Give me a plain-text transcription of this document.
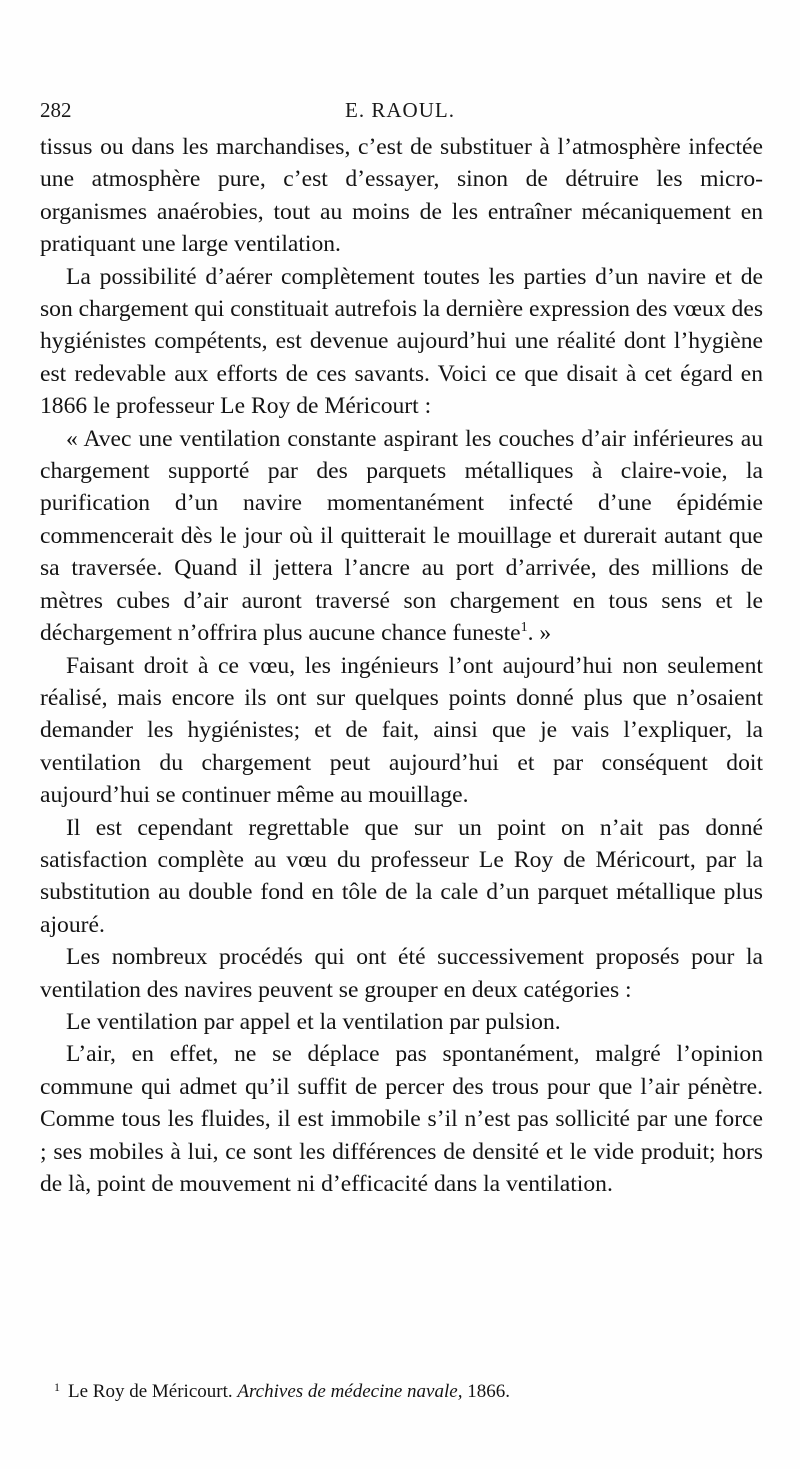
282	E. RAOUL.

tissus ou dans les marchandises, c’est de substituer à l’atmosphère infectée une atmosphère pure, c’est d’essayer, sinon de détruire les micro-organismes anaérobies, tout au moins de les entraîner mécaniquement en pratiquant une large ventilation.

La possibilité d’aérer complètement toutes les parties d’un navire et de son chargement qui constituait autrefois la dernière expression des vœux des hygiénistes compétents, est devenue aujourd’hui une réalité dont l’hygiène est redevable aux efforts de ces savants. Voici ce que disait à cet égard en 1866 le professeur Le Roy de Méricourt :

« Avec une ventilation constante aspirant les couches d’air inférieures au chargement supporté par des parquets métalliques à claire-voie, la purification d’un navire momentanément infecté d’une épidémie commencerait dès le jour où il quitterait le mouillage et durerait autant que sa traversée. Quand il jettera l’ancre au port d’arrivée, des millions de mètres cubes d’air auront traversé son chargement en tous sens et le déchargement n’offrira plus aucune chance funeste$^1$. »

Faisant droit à ce vœu, les ingénieurs l’ont aujourd’hui non seulement réalisé, mais encore ils ont sur quelques points donné plus que n’osaient demander les hygiénistes; et de fait, ainsi que je vais l’expliquer, la ventilation du chargement peut aujourd’hui et par conséquent doit aujourd’hui se continuer même au mouillage.

Il est cependant regrettable que sur un point on n’ait pas donné satisfaction complète au vœu du professeur Le Roy de Méricourt, par la substitution au double fond en tôle de la cale d’un parquet métallique plus ajouré.

Les nombreux procédés qui ont été successivement proposés pour la ventilation des navires peuvent se grouper en deux catégories :

Le ventilation par appel et la ventilation par pulsion.

L’air, en effet, ne se déplace pas spontanément, malgré l’opinion commune qui admet qu’il suffit de percer des trous pour que l’air pénètre. Comme tous les fluides, il est immobile s’il n’est pas sollicité par une force ; ses mobiles à lui, ce sont les différences de densité et le vide produit; hors de là, point de mouvement ni d’efficacité dans la ventilation.

$^1$ Le Roy de Méricourt. Archives de médecine navale, 1866.
